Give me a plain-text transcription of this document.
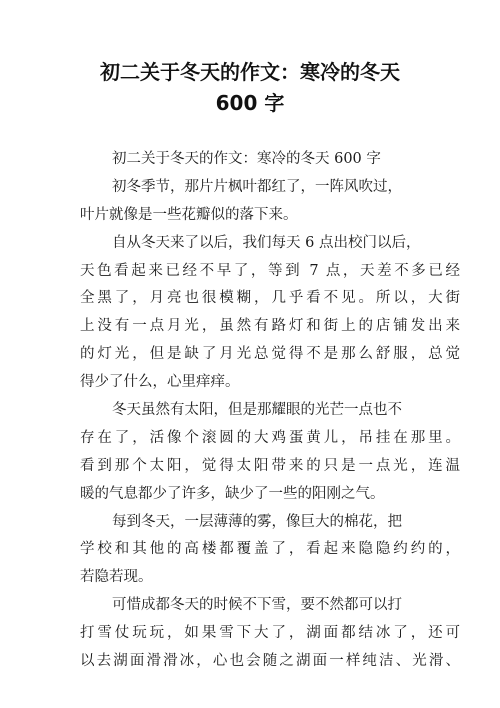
初二关于冬天的作文：寒冷的冬天
600 字
初二关于冬天的作文：寒冷的冬天 600 字
初冬季节，那片片枫叶都红了，一阵风吹过，
叶片就像是一些花瓣似的落下来。
自从冬天来了以后，我们每天 6 点出校门以后，
天色看起来已经不早了，等到 7 点，天差不多已经
全黑了，月亮也很模糊，几乎看不见。所以，大街
上没有一点月光，虽然有路灯和街上的店铺发出来
的灯光，但是缺了月光总觉得不是那么舒服，总觉
得少了什么，心里痒痒。
冬天虽然有太阳，但是那耀眼的光芒一点也不
存在了，活像个滚圆的大鸡蛋黄儿，吊挂在那里。
看到那个太阳，觉得太阳带来的只是一点光，连温
暖的气息都少了许多，缺少了一些的阳刚之气。
每到冬天，一层薄薄的雾，像巨大的棉花，把
学校和其他的高楼都覆盖了，看起来隐隐约约的，
若隐若现。
可惜成都冬天的时候不下雪，要不然都可以打
打雪仗玩玩，如果雪下大了，湖面都结冰了，还可
以去湖面滑滑冰，心也会随之湖面一样纯洁、光滑、
